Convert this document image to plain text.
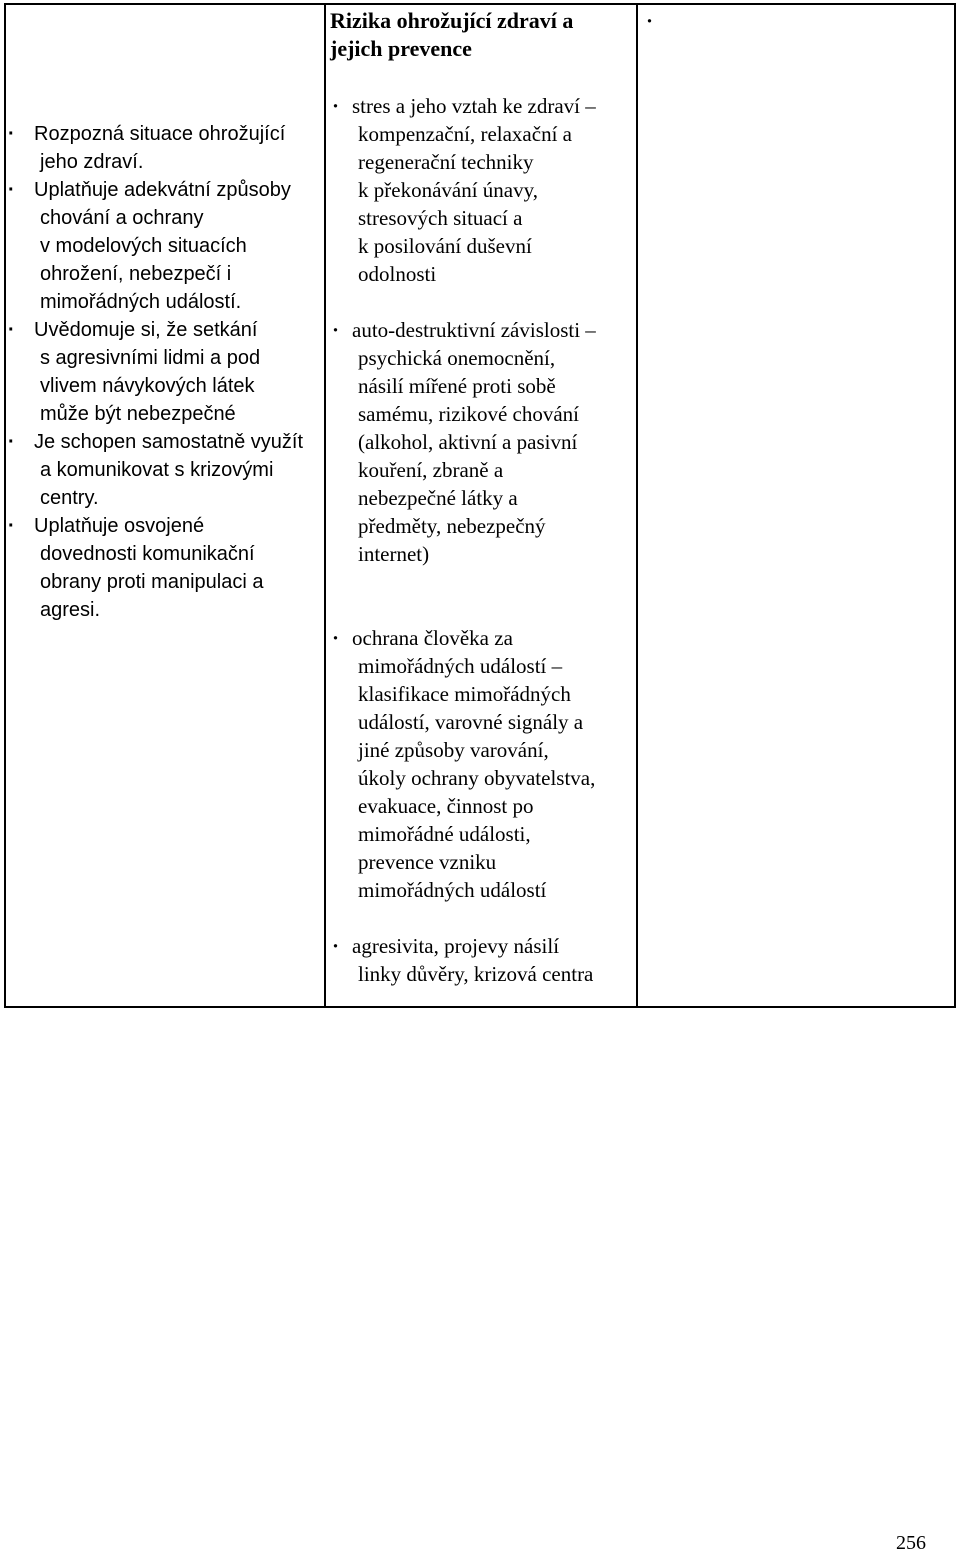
· Rozpozná situace ohrožující
jeho zdraví.
· Uplatňuje adekvátní způsoby
chování a ochrany
v modelových situacích
ohrožení, nebezpečí i
mimořádných událostí.
· Uvědomuje si, že setkání
s agresivními lidmi a pod
vlivem návykových látek
může být nebezpečné
· Je schopen samostatně využít
a komunikovat s krizovými
centry.
· Uplatňuje osvojené
dovednosti komunikační
obrany proti manipulaci a
agresi.
Rizika ohrožující zdraví a jejich prevence
· stres a jeho vztah ke zdraví –
kompenzační, relaxační a
regenerační techniky
k překonávání únavy,
stresových situací a
k posilování duševní
odolnosti
· auto-destruktivní závislosti –
psychická onemocnění,
násilí mířené proti sobě
samému, rizikové chování
(alkohol, aktivní a pasivní
kouření, zbraně a
nebezpečné látky a
předměty, nebezpečný
internet)
· ochrana člověka za
mimořádných událostí –
klasifikace mimořádných
událostí, varovné signály a
jiné způsoby varování,
úkoly ochrany obyvatelstva,
evakuace, činnost po
mimořádné události,
prevence vzniku
mimořádných událostí
· agresivita, projevy násilí
linky důvěry, krizová centra
·
256
